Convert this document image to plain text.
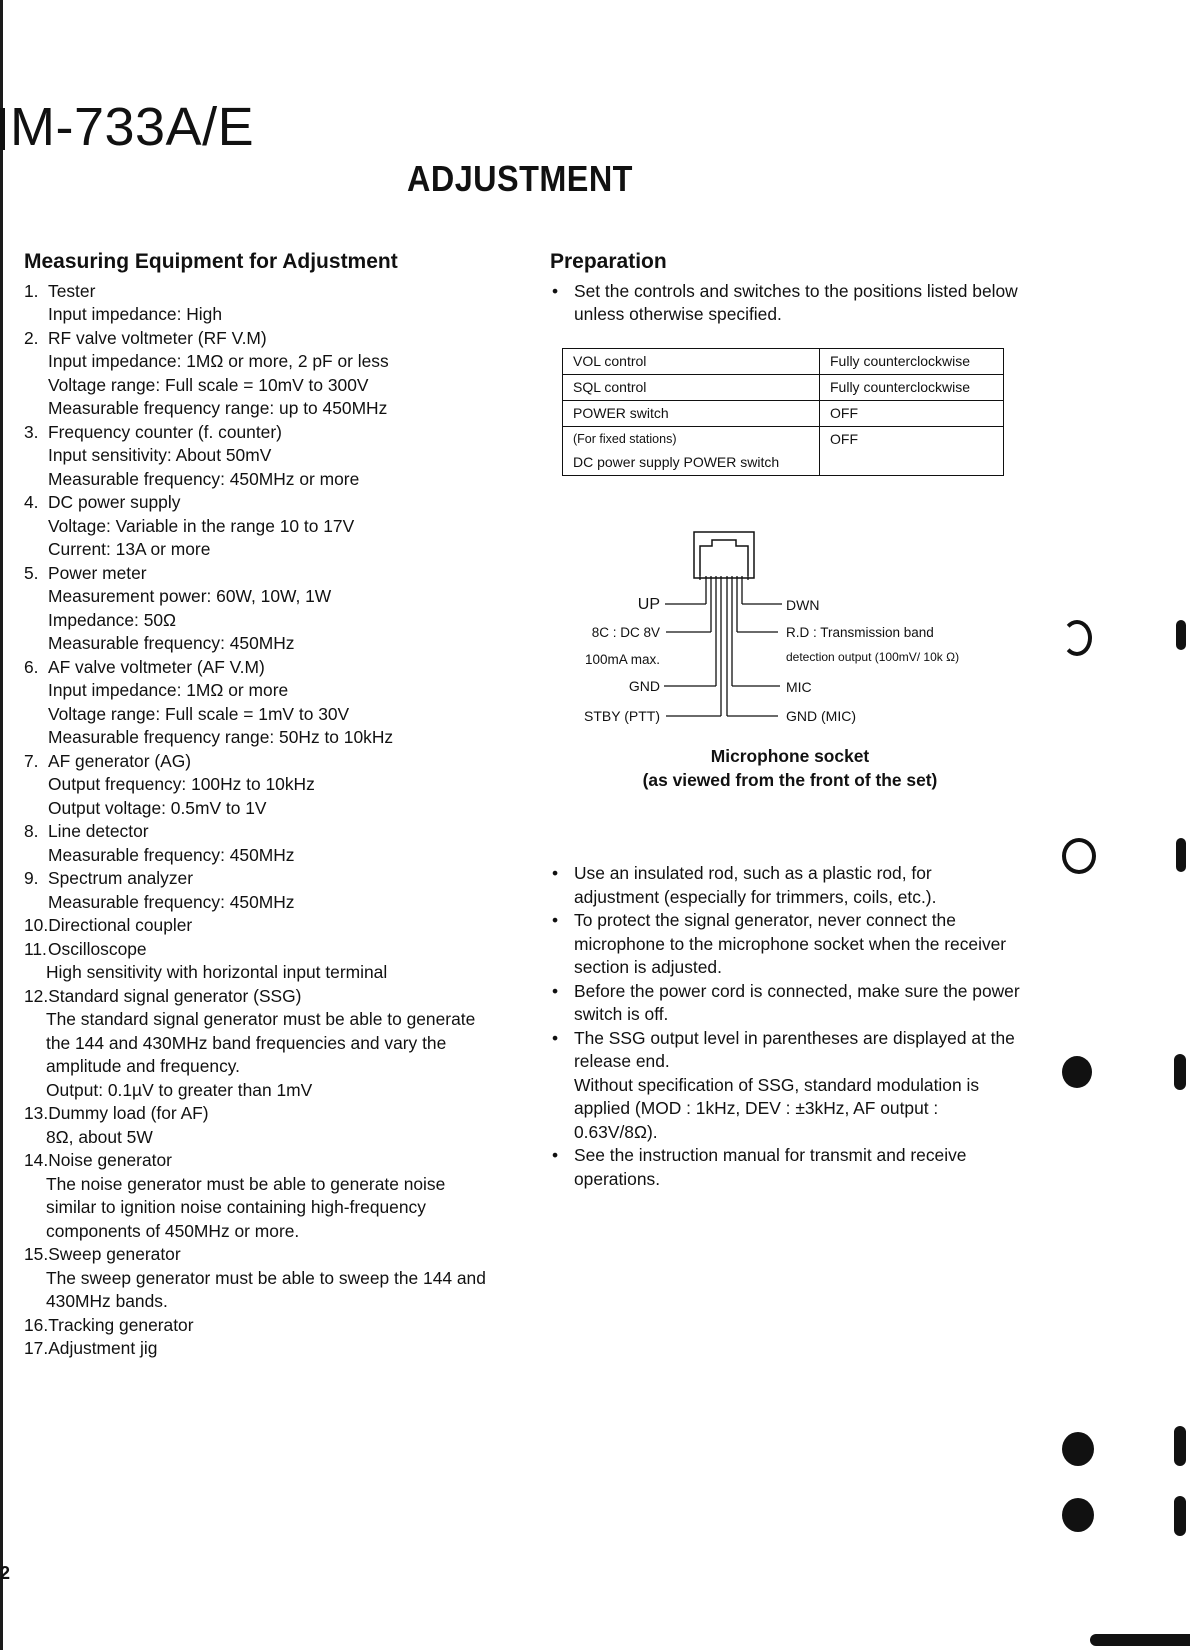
M-733A/E
ADJUSTMENT
Measuring Equipment for Adjustment
1. Tester
Input impedance: High
2. RF valve voltmeter (RF V.M)
Input impedance: 1MΩ or more, 2 pF or less
Voltage range: Full scale = 10mV to 300V
Measurable frequency range: up to 450MHz
3. Frequency counter (f. counter)
Input sensitivity: About 50mV
Measurable frequency: 450MHz or more
4. DC power supply
Voltage: Variable in the range 10 to 17V
Current: 13A or more
5. Power meter
Measurement power: 60W, 10W, 1W
Impedance: 50Ω
Measurable frequency: 450MHz
6. AF valve voltmeter (AF V.M)
Input impedance: 1MΩ or more
Voltage range: Full scale = 1mV to 30V
Measurable frequency range: 50Hz to 10kHz
7. AF generator (AG)
Output frequency: 100Hz to 10kHz
Output voltage: 0.5mV to 1V
8. Line detector
Measurable frequency: 450MHz
9. Spectrum analyzer
Measurable frequency: 450MHz
10.Directional coupler
11.Oscilloscope
High sensitivity with horizontal input terminal
12.Standard signal generator (SSG)
The standard signal generator must be able to generate the 144 and 430MHz band frequencies and vary the amplitude and frequency.
Output: 0.1µV to greater than 1mV
13.Dummy load (for AF)
8Ω, about 5W
14.Noise generator
The noise generator must be able to generate noise similar to ignition noise containing high-frequency components of 450MHz or more.
15.Sweep generator
The sweep generator must be able to sweep the 144 and 430MHz bands.
16.Tracking generator
17.Adjustment jig
Preparation
• Set the controls and switches to the positions listed below unless otherwise specified.
VOL control	Fully counterclockwise
SQL control	Fully counterclockwise
POWER switch	OFF

(For fixed stations)
DC power supply POWER switch	OFF
UP
8C : DC 8V
100mA max.
GND
STBY (PTT)
DWN
R.D : Transmission band
detection output (100mV/ 10k Ω)
MIC
GND (MIC)
Microphone socket
(as viewed from the front of the set)
• Use an insulated rod, such as a plastic rod, for adjustment (especially for trimmers, coils, etc.).
• To protect the signal generator, never connect the microphone to the microphone socket when the receiver section is adjusted.
• Before the power cord is connected, make sure the power switch is off.
• The SSG output level in parentheses are displayed at the release end.
Without specification of SSG, standard modulation is applied (MOD : 1kHz, DEV : ±3kHz, AF output : 0.63V/8Ω).
• See the instruction manual for transmit and receive operations.
2
